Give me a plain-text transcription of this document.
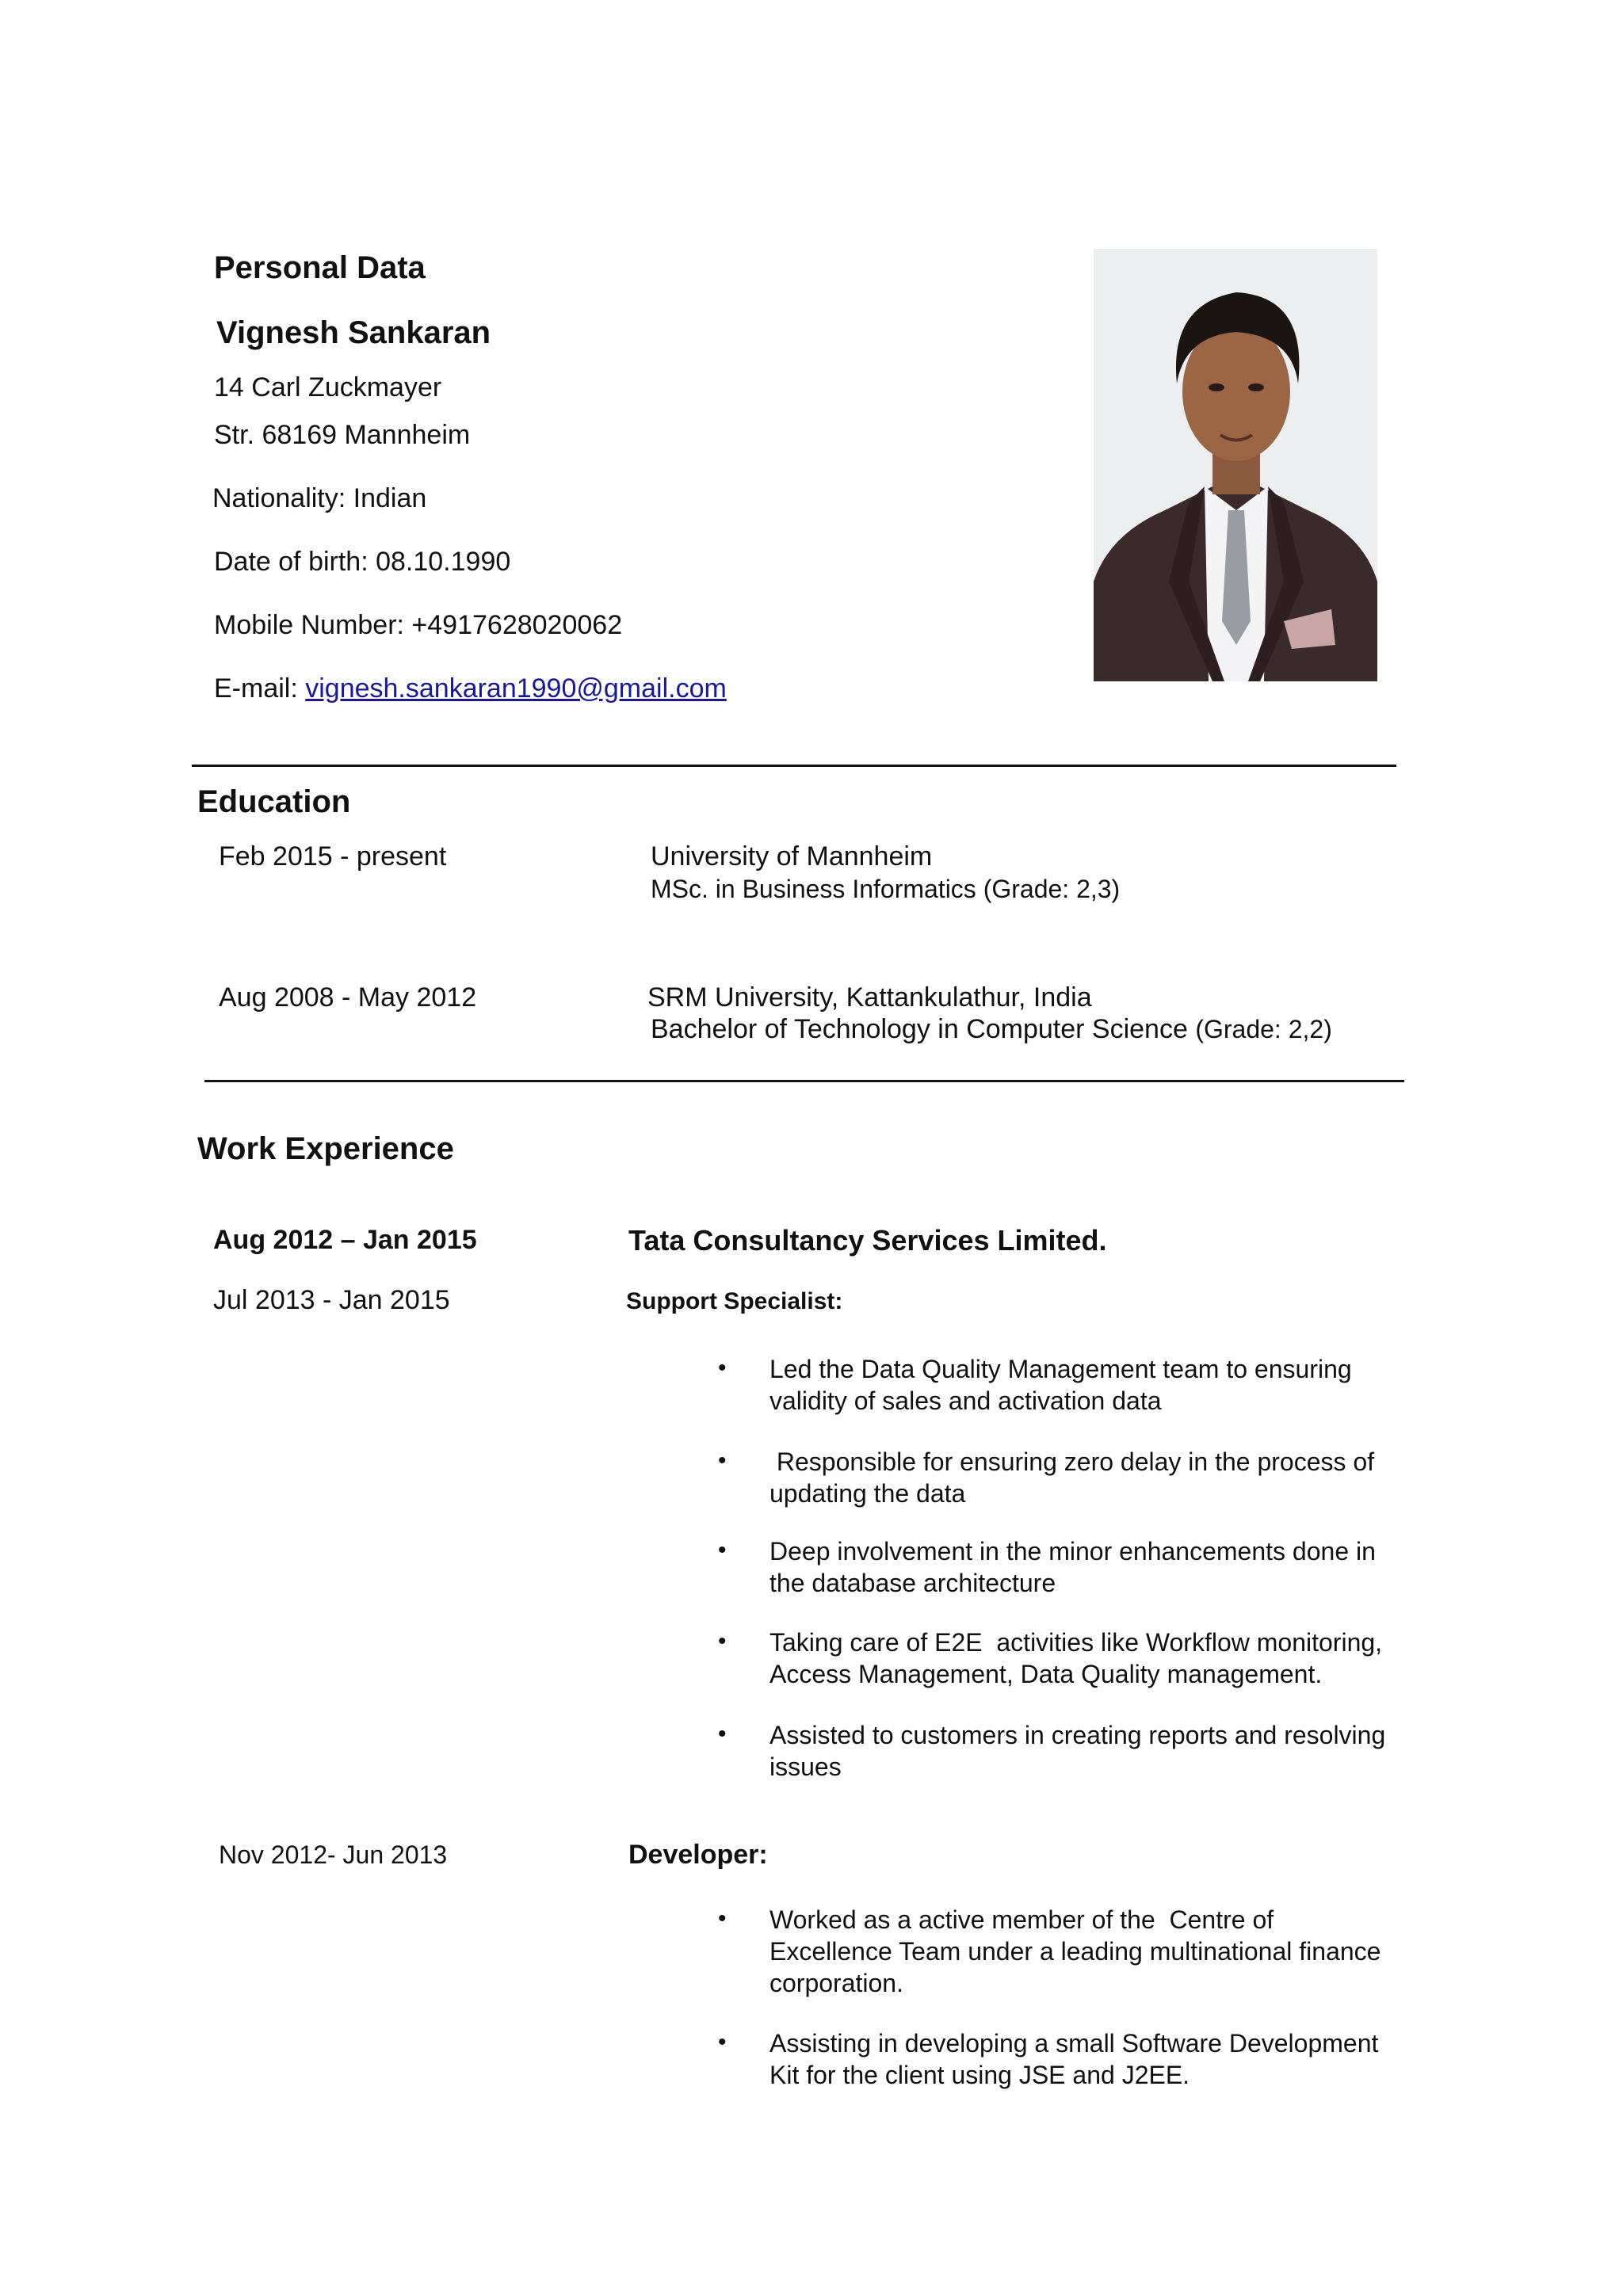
Personal Data
Vignesh Sankaran
14 Carl Zuckmayer
Str. 68169 Mannheim
Nationality: Indian
Date of birth: 08.10.1990
Mobile Number: +4917628020062
E-mail: vignesh.sankaran1990@gmail.com
Education
Feb 2015 - present	University of Mannheim
MSc. in Business Informatics (Grade: 2,3)
Aug 2008 - May 2012	SRM University, Kattankulathur, India
Bachelor of Technology in Computer Science (Grade: 2,2)
Work Experience
Aug 2012 – Jan 2015	Tata Consultancy Services Limited.
Jul 2013 - Jan 2015	Support Specialist:
• Led the Data Quality Management team to ensuring
validity of sales and activation data
• Responsible for ensuring zero delay in the process of
updating the data
• Deep involvement in the minor enhancements done in
the database architecture
• Taking care of E2E  activities like Workflow monitoring,
Access Management, Data Quality management.
• Assisted to customers in creating reports and resolving
issues
Nov 2012- Jun 2013	Developer:
• Worked as a active member of the  Centre of
Excellence Team under a leading multinational finance
corporation.
• Assisting in developing a small Software Development
Kit for the client using JSE and J2EE.
